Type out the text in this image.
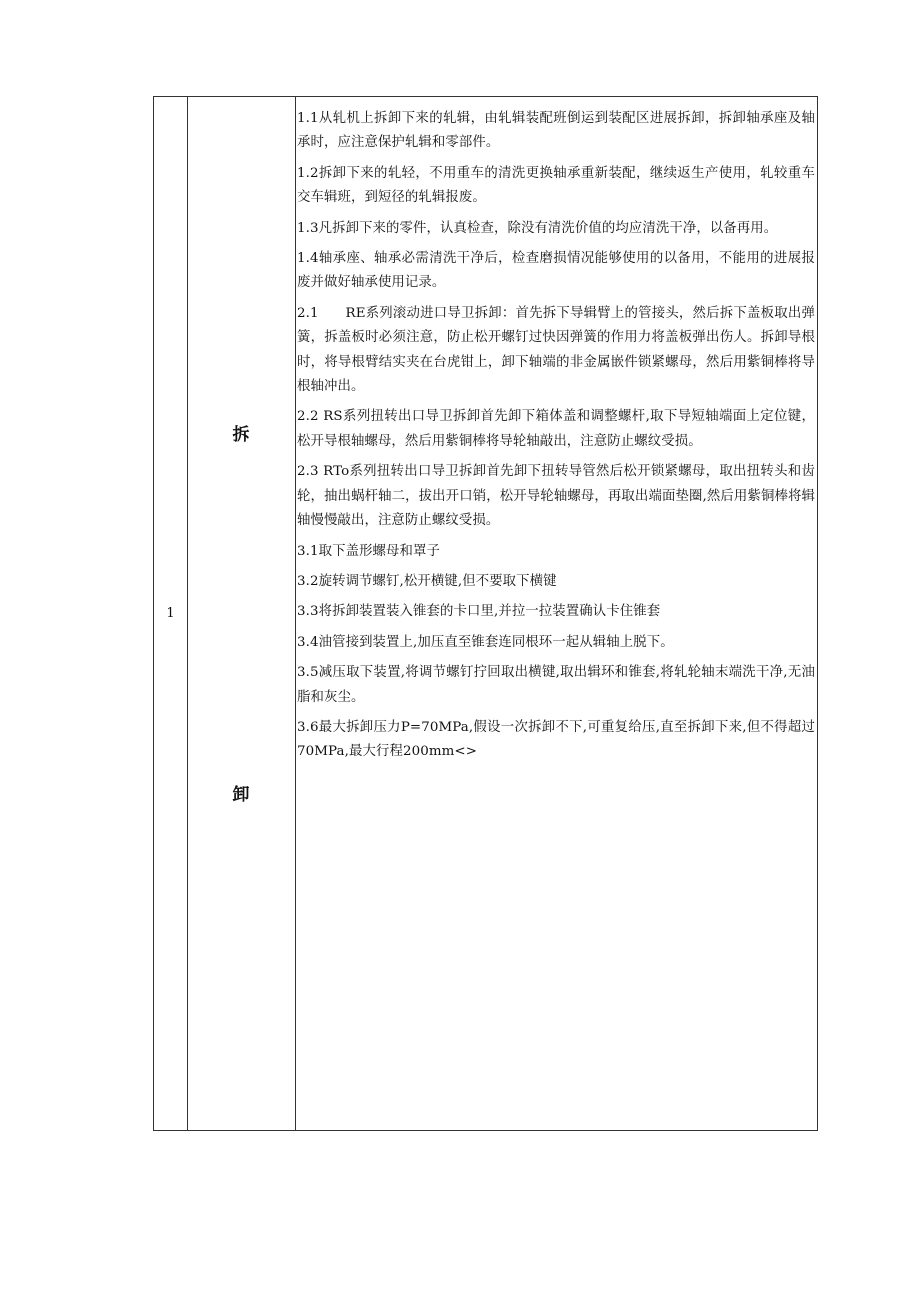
1
拆
卸

1.1从轧机上拆卸下来的轧辑，由轧辑装配班倒运到装配区进展拆卸，拆卸轴承座及轴承时，应注意保护轧辑和零部件。

1.2拆卸下来的轧轻，不用重车的清洗更换轴承重新装配，继续返生产使用，轧较重车交车辑班，到短径的轧辑报废。

1.3凡拆卸下来的零件，认真检查，除没有清洗价值的均应清洗干净，以备再用。

1.4轴承座、轴承必需清洗干净后，检查磨损情况能够使用的以备用，不能用的进展报废并做好轴承使用记录。

2.1      RE系列滚动进口导卫拆卸：首先拆下导辑臂上的管接头，然后拆下盖板取出弹簧，拆盖板时必须注意，防止松开螺钉过快因弹簧的作用力将盖板弹出伤人。拆卸导根时，将导根臂结实夹在台虎钳上，卸下轴端的非金属嵌件锁紧螺母，然后用紫铜棒将导根轴冲出。

2.2 RS系列扭转出口导卫拆卸首先卸下箱体盖和调整螺杆,取下导短轴端面上定位键，松开导根轴螺母，然后用紫铜棒将导轮轴敲出，注意防止螺纹受损。

2.3 RTo系列扭转出口导卫拆卸首先卸下扭转导管然后松开锁紧螺母，取出扭转头和齿轮，抽出蜗杆轴二，拔出开口销，松开导轮轴螺母，再取出端面垫圈,然后用紫铜棒将辑轴慢慢敲出，注意防止螺纹受损。

3.1取下盖形螺母和罩子

3.2旋转调节螺钉,松开横键,但不要取下横键

3.3将拆卸装置装入锥套的卡口里,并拉一拉装置确认卡住锥套

3.4油管接到装置上,加压直至锥套连同根环一起从辑轴上脱下。

3.5减压取下装置,将调节螺钉拧回取出横键,取出辑环和锥套,将轧轮轴末端洗干净,无油脂和灰尘。

3.6最大拆卸压力P=70MPa,假设一次拆卸不下,可重复给压,直至拆卸下来,但不得超过70MPa,最大行程200mm<>
